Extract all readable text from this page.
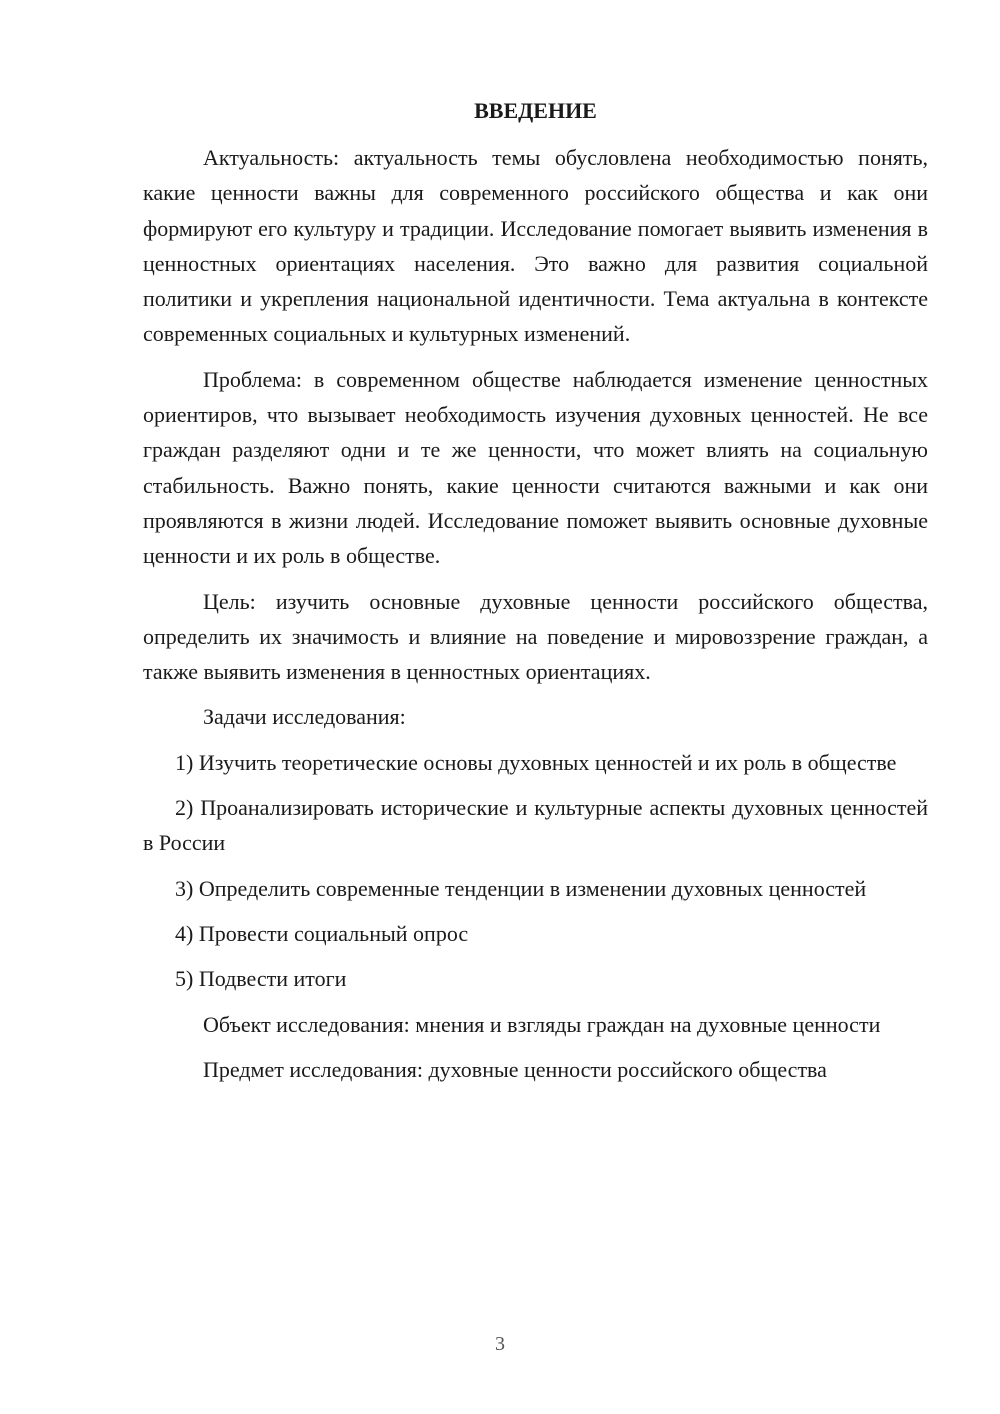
ВВЕДЕНИЕ

Актуальность: актуальность темы обусловлена необходимостью понять, какие ценности важны для современного российского общества и как они формируют его культуру и традиции. Исследование помогает выявить изменения в ценностных ориентациях населения. Это важно для развития социальной политики и укрепления национальной идентичности. Тема актуальна в контексте современных социальных и культурных изменений.

Проблема: в современном обществе наблюдается изменение ценностных ориентиров, что вызывает необходимость изучения духовных ценностей. Не все граждан разделяют одни и те же ценности, что может влиять на социальную стабильность. Важно понять, какие ценности считаются важными и как они проявляются в жизни людей. Исследование поможет выявить основные духовные ценности и их роль в обществе.

Цель: изучить основные духовные ценности российского общества, определить их значимость и влияние на поведение и мировоззрение граждан, а также выявить изменения в ценностных ориентациях.

Задачи исследования:

1) Изучить теоретические основы духовных ценностей и их роль в обществе

2) Проанализировать исторические и культурные аспекты духовных ценностей в России

3) Определить современные тенденции в изменении духовных ценностей

4) Провести социальный опрос

5) Подвести итоги

Объект исследования: мнения и взгляды граждан на духовные ценности

Предмет исследования: духовные ценности российского общества

3
